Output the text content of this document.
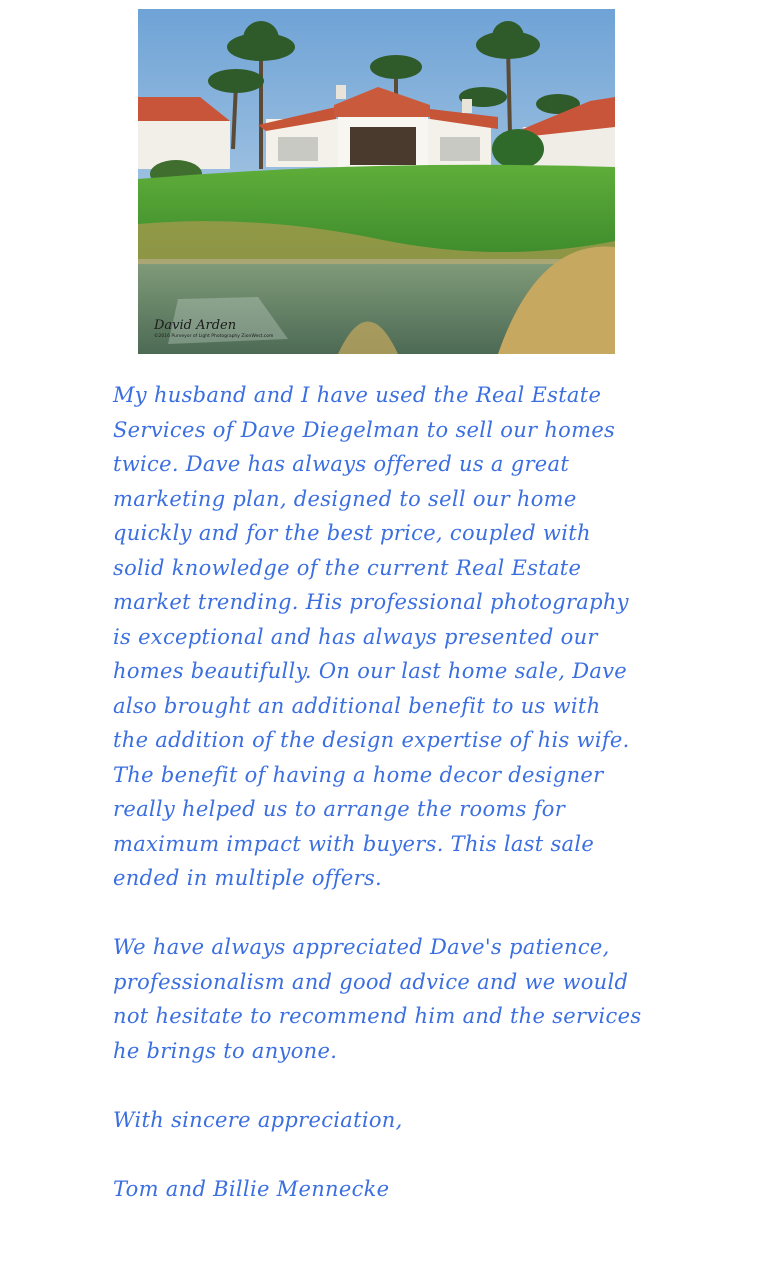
David Arden
©2016 Purveyor of Light Photography ZionWest.com

My husband and I have used the Real Estate
Services of Dave Diegelman to sell our homes
twice. Dave has always offered us a great
marketing plan, designed to sell our home
quickly and for the best price, coupled with
solid knowledge of the current Real Estate
market trending. His professional photography
is exceptional and has always presented our
homes beautifully. On our last home sale, Dave
also brought an additional benefit to us with
the addition of the design expertise of his wife.
The benefit of having a home decor designer
really helped us to arrange the rooms for
maximum impact with buyers. This last sale
ended in multiple offers.

We have always appreciated Dave's patience,
professionalism and good advice and we would
not hesitate to recommend him and the services
he brings to anyone.

With sincere appreciation,

Tom and Billie Mennecke
